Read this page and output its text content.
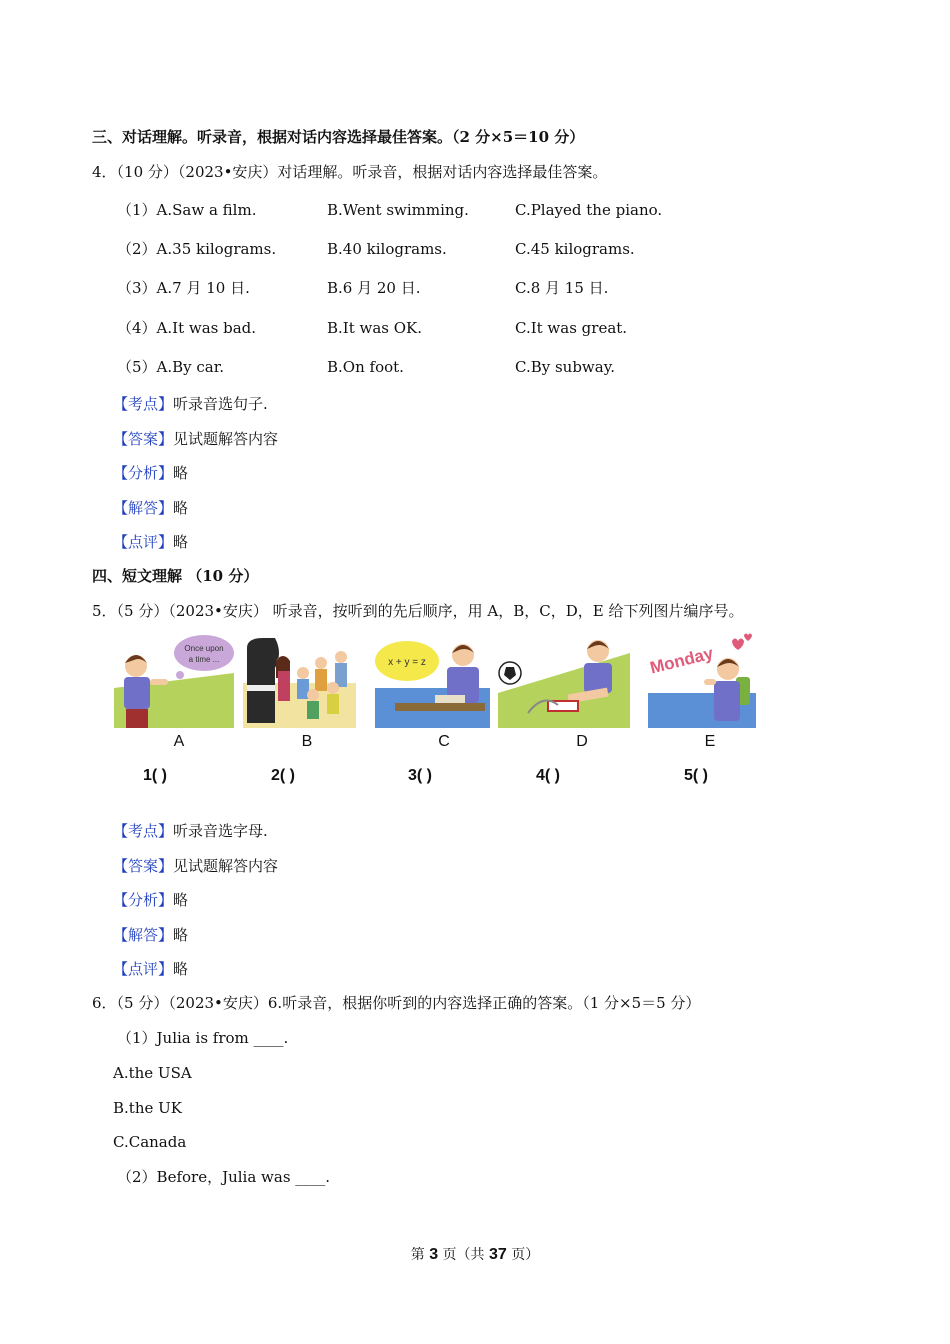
三、对话理解。听录音，根据对话内容选择最佳答案。（2 分×5＝10 分）
4．（10 分）（2023•安庆）对话理解。听录音，根据对话内容选择最佳答案。
（1）A.Saw a film.	B.Went swimming.	C.Played the piano.
（2）A.35 kilograms.	B.40 kilograms.	C.45 kilograms.
（3）A.7 月 10 日.	B.6 月 20 日.	C.8 月 15 日.
（4）A.It was bad.	B.It was OK.	C.It was great.
（5）A.By car.	B.On foot.	C.By subway.
【考点】听录音选句子.
【答案】见试题解答内容
【分析】略
【解答】略
【点评】略
四、短文理解 （10 分）
5．（5 分）（2023•安庆） 听录音，按听到的先后顺序，用 A，B，C，D，E 给下列图片编序号。
Once upon
a time ...	x + y = z	Monday
A	B	C	D	E
1( )	2( )	3( )	4( )	5( )
【考点】听录音选字母.
【答案】见试题解答内容
【分析】略
【解答】略
【点评】略
6．（5 分）（2023•安庆）6.听录音，根据你听到的内容选择正确的答案。（1 分×5＝5 分）
（1）Julia is from ____.
A.the USA
B.the UK
C.Canada
（2）Before，Julia was ____.
第 3 页（共 37 页）
